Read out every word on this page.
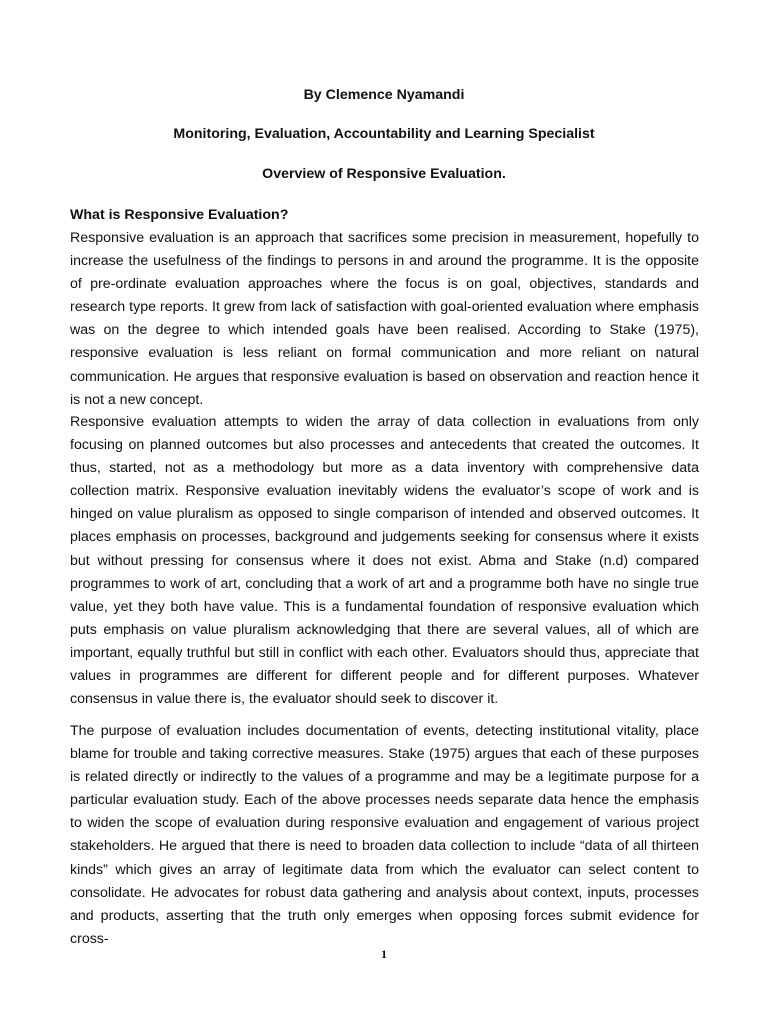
By Clemence Nyamandi
Monitoring, Evaluation, Accountability and Learning Specialist
Overview of Responsive Evaluation.
What is Responsive Evaluation?

Responsive evaluation is an approach that sacrifices some precision in measurement, hopefully to increase the usefulness of the findings to persons in and around the programme. It is the opposite of pre-ordinate evaluation approaches where the focus is on goal, objectives, standards and research type reports. It grew from lack of satisfaction with goal-oriented evaluation where emphasis was on the degree to which intended goals have been realised. According to Stake (1975), responsive evaluation is less reliant on formal communication and more reliant on natural communication. He argues that responsive evaluation is based on observation and reaction hence it is not a new concept.

Responsive evaluation attempts to widen the array of data collection in evaluations from only focusing on planned outcomes but also processes and antecedents that created the outcomes. It thus, started, not as a methodology but more as a data inventory with comprehensive data collection matrix. Responsive evaluation inevitably widens the evaluator’s scope of work and is hinged on value pluralism as opposed to single comparison of intended and observed outcomes. It places emphasis on processes, background and judgements seeking for consensus where it exists but without pressing for consensus where it does not exist. Abma and Stake (n.d) compared programmes to work of art, concluding that a work of art and a programme both have no single true value, yet they both have value. This is a fundamental foundation of responsive evaluation which puts emphasis on value pluralism acknowledging that there are several values, all of which are important, equally truthful but still in conflict with each other. Evaluators should thus, appreciate that values in programmes are different for different people and for different purposes. Whatever consensus in value there is, the evaluator should seek to discover it.

The purpose of evaluation includes documentation of events, detecting institutional vitality, place blame for trouble and taking corrective measures. Stake (1975) argues that each of these purposes is related directly or indirectly to the values of a programme and may be a legitimate purpose for a particular evaluation study. Each of the above processes needs separate data hence the emphasis to widen the scope of evaluation during responsive evaluation and engagement of various project stakeholders. He argued that there is need to broaden data collection to include “data of all thirteen kinds” which gives an array of legitimate data from which the evaluator can select content to consolidate. He advocates for robust data gathering and analysis about context, inputs, processes and products, asserting that the truth only emerges when opposing forces submit evidence for cross-

1
